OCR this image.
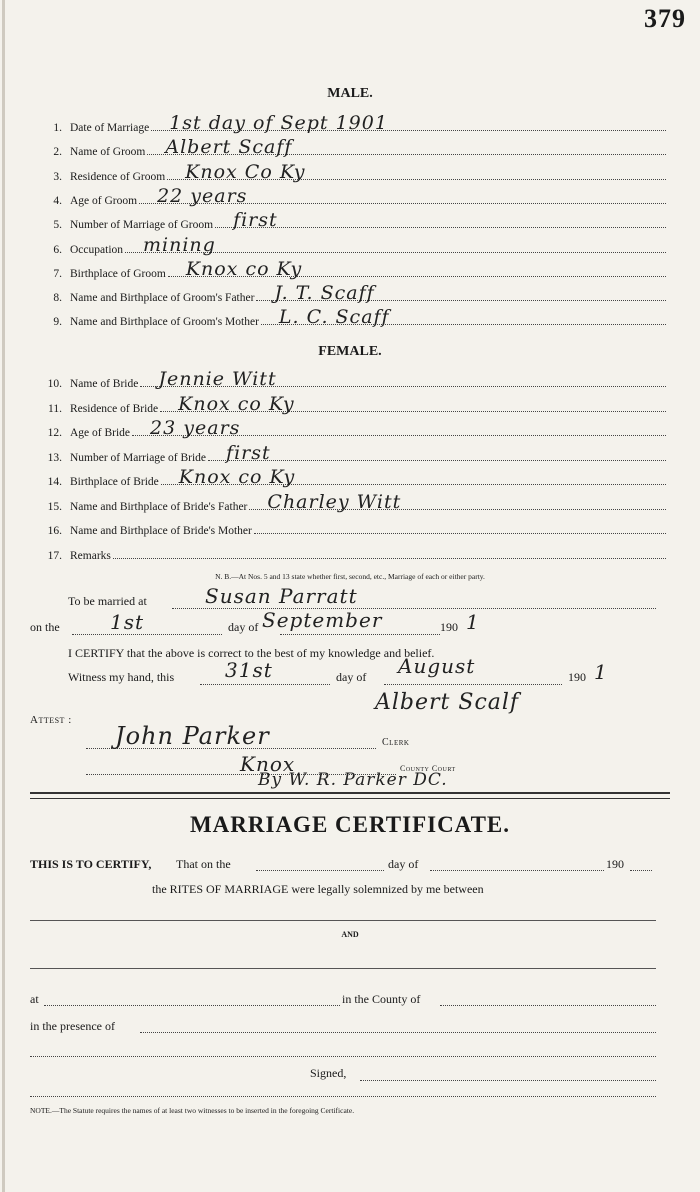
379
MALE.
1. Date of Marriage 1st day of Sept 1901
2. Name of Groom Albert Scaff
3. Residence of Groom Knox Co Ky
4. Age of Groom 22 years
5. Number of Marriage of Groom first
6. Occupation mining
7. Birthplace of Groom Knox co Ky
8. Name and Birthplace of Groom's Father J. T. Scaff
9. Name and Birthplace of Groom's Mother L. C. Scaff
FEMALE.
10. Name of Bride Jennie Witt
11. Residence of Bride Knox co Ky
12. Age of Bride 23 years
13. Number of Marriage of Bride first
14. Birthplace of Bride Knox co Ky
15. Name and Birthplace of Bride's Father Charley Witt
16. Name and Birthplace of Bride's Mother
17. Remarks
N. B.—At Nos. 5 and 13 state whether first, second, etc., Marriage of each or either party.
To be married at	Susan Parratt
on the	1st	day of September	190 1
I CERTIFY that the above is correct to the best of my knowledge and belief.
Witness my hand, this	31st	day of August	190 1
Albert Scalf
Attest :
John Parker	Clerk
Knox	County Court
By W. R. Parker DC.
MARRIAGE CERTIFICATE.
THIS IS TO CERTIFY, That on the	day of	190
the RITES OF MARRIAGE were legally solemnized by me between
AND
at	in the County of
in the presence of
Signed,
NOTE.—The Statute requires the names of at least two witnesses to be inserted in the foregoing Certificate.
